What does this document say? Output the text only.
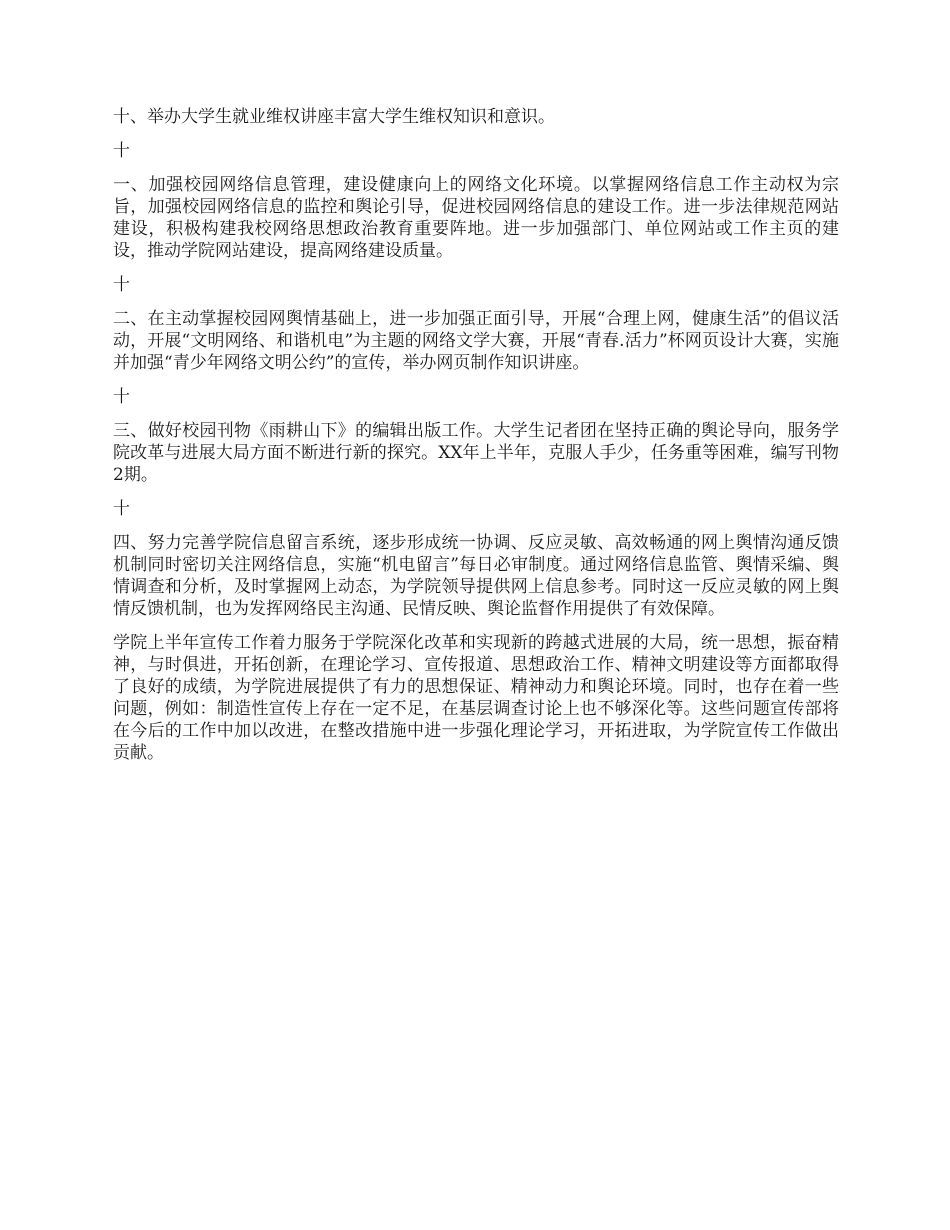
十、举办大学生就业维权讲座丰富大学生维权知识和意识。

十

一、加强校园网络信息管理，建设健康向上的网络文化环境。以掌握网络信息工作主动权为宗旨，加强校园网络信息的监控和舆论引导，促进校园网络信息的建设工作。进一步法律规范网站建设，积极构建我校网络思想政治教育重要阵地。进一步加强部门、单位网站或工作主页的建设，推动学院网站建设，提高网络建设质量。

十

二、在主动掌握校园网舆情基础上，进一步加强正面引导，开展“合理上网，健康生活”的倡议活动，开展“文明网络、和谐机电”为主题的网络文学大赛，开展“青春.活力”杯网页设计大赛，实施并加强“青少年网络文明公约”的宣传，举办网页制作知识讲座。

十

三、做好校园刊物《雨耕山下》的编辑出版工作。大学生记者团在坚持正确的舆论导向，服务学院改革与进展大局方面不断进行新的探究。XX年上半年，克服人手少，任务重等困难，编写刊物2期。

十

四、努力完善学院信息留言系统，逐步形成统一协调、反应灵敏、高效畅通的网上舆情沟通反馈机制同时密切关注网络信息，实施“机电留言”每日必审制度。通过网络信息监管、舆情采编、舆情调查和分析，及时掌握网上动态，为学院领导提供网上信息参考。同时这一反应灵敏的网上舆情反馈机制，也为发挥网络民主沟通、民情反映、舆论监督作用提供了有效保障。

学院上半年宣传工作着力服务于学院深化改革和实现新的跨越式进展的大局，统一思想，振奋精神，与时俱进，开拓创新，在理论学习、宣传报道、思想政治工作、精神文明建设等方面都取得了良好的成绩，为学院进展提供了有力的思想保证、精神动力和舆论环境。同时，也存在着一些问题，例如：制造性宣传上存在一定不足，在基层调查讨论上也不够深化等。这些问题宣传部将在今后的工作中加以改进，在整改措施中进一步强化理论学习，开拓进取，为学院宣传工作做出贡献。
